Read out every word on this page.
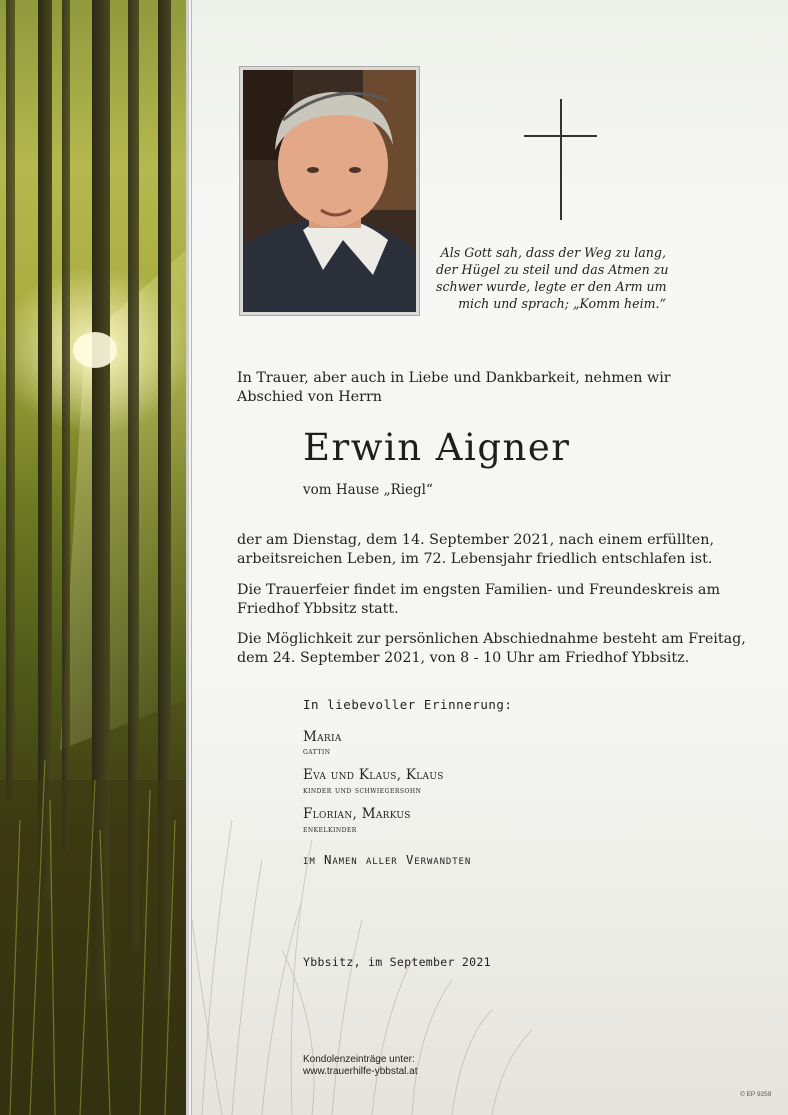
Als Gott sah, dass der Weg zu lang,
der Hügel zu steil und das Atmen zu
schwer wurde, legte er den Arm um
mich und sprach; „Komm heim.“
In Trauer, aber auch in Liebe und Dankbarkeit, nehmen wir
Abschied von Herrn
Erwin Aigner
vom Hause „Riegl“
der am Dienstag, dem 14. September 2021, nach einem erfüllten,
arbeitsreichen Leben, im 72. Lebensjahr friedlich entschlafen ist.
Die Trauerfeier findet im engsten Familien- und Freundeskreis am
Friedhof Ybbsitz statt.
Die Möglichkeit zur persönlichen Abschiednahme besteht am Freitag,
dem 24. September 2021, von 8 - 10 Uhr am Friedhof Ybbsitz.
In liebevoller Erinnerung:
Maria
gattin
Eva und Klaus, Klaus
kinder und schwiegersohn
Florian, Markus
enkelkinder
im Namen aller Verwandten
Ybbsitz, im September 2021
Kondolenzeinträge unter:
www.trauerhilfe-ybbstal.at
© EP 9259
